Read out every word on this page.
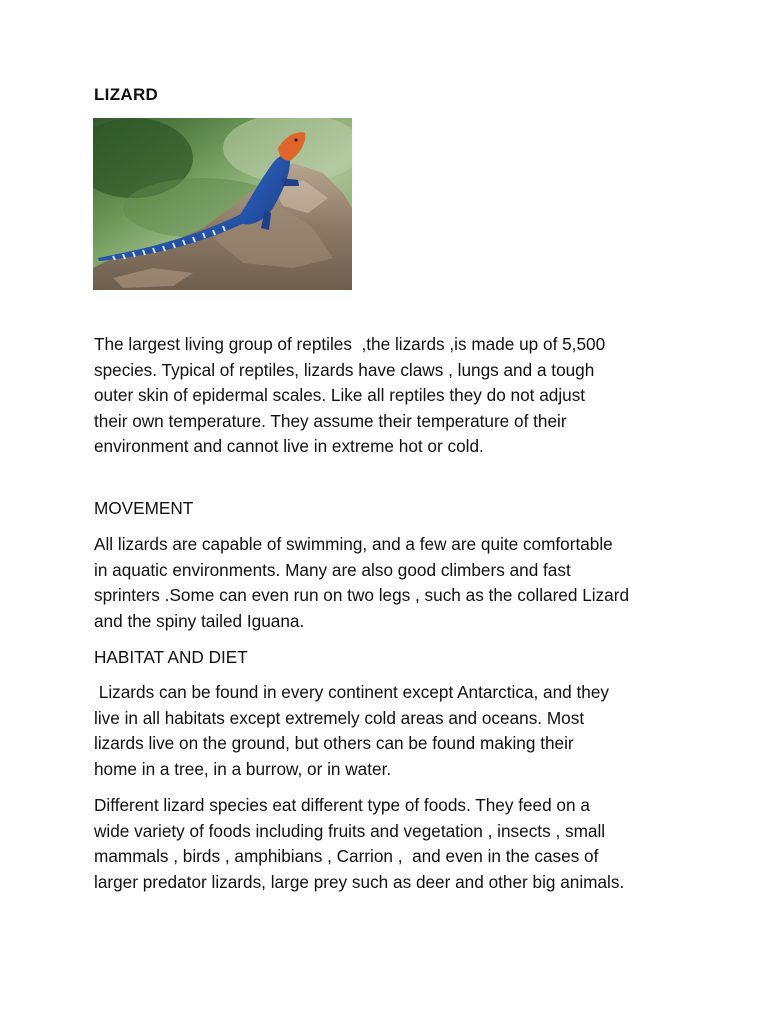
LIZARD
The largest living group of reptiles  ,the lizards ,is made up of 5,500
species. Typical of reptiles, lizards have claws , lungs and a tough
outer skin of epidermal scales. Like all reptiles they do not adjust
their own temperature. They assume their temperature of their
environment and cannot live in extreme hot or cold.
MOVEMENT
All lizards are capable of swimming, and a few are quite comfortable
in aquatic environments. Many are also good climbers and fast
sprinters .Some can even run on two legs , such as the collared Lizard
and the spiny tailed Iguana.
HABITAT AND DIET
Lizards can be found in every continent except Antarctica, and they
live in all habitats except extremely cold areas and oceans. Most
lizards live on the ground, but others can be found making their
home in a tree, in a burrow, or in water.
Different lizard species eat different type of foods. They feed on a
wide variety of foods including fruits and vegetation , insects , small
mammals , birds , amphibians , Carrion ,  and even in the cases of
larger predator lizards, large prey such as deer and other big animals.
